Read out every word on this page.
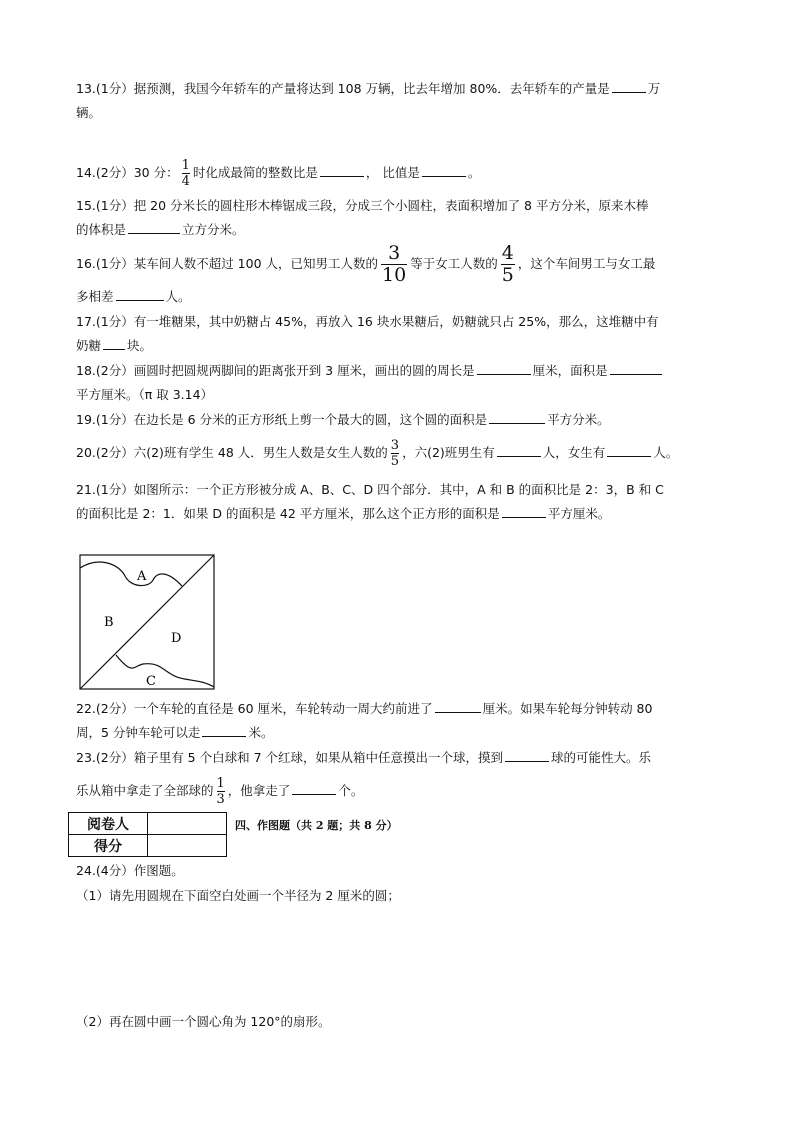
13.(1分）据预测，我国今年轿车的产量将达到 108 万辆，比去年增加 80%．去年轿车的产量是	万
辆。
14.(2分）30 分： $\frac{1}{4}$ 时化成最简的整数比是	， 比值是	。
15.(1分）把 20 分米长的圆柱形木棒锯成三段，分成三个小圆柱，表面积增加了 8 平方分米，原来木棒
的体积是	立方分米。
16.(1分）某车间人数不超过 100 人，已知男工人数的 $\frac{3}{10}$ 等于女工人数的 $\frac{4}{5}$ ，这个车间男工与女工最
多相差	人。
17.(1分）有一堆糖果，其中奶糖占 45%，再放入 16 块水果糖后，奶糖就只占 25%，那么，这堆糖中有
奶糖 块。
18.(2分）画圆时把圆规两脚间的距离张开到 3 厘米，画出的圆的周长是	厘米，面积是
平方厘米。（π 取 3.14）
19.(1分）在边长是 6 分米的正方形纸上剪一个最大的圆，这个圆的面积是	平方分米。
20.(2分）六(2)班有学生 48 人．男生人数是女生人数的 $\frac{3}{5}$ ，六(2)班男生有	人，女生有	人。
21.(1分）如图所示：一个正方形被分成 A、B、C、D 四个部分．其中，A 和 B 的面积比是 2：3，B 和 C
的面积比是 2：1．如果 D 的面积是 42 平方厘米，那么这个正方形的面积是	平方厘米。
A
B
D
C
22.(2分）一个车轮的直径是 60 厘米，车轮转动一周大约前进了	厘米。如果车轮每分钟转动 80
周，5 分钟车轮可以走	米。
23.(2分）箱子里有 5 个白球和 7 个红球，如果从箱中任意摸出一个球，摸到	球的可能性大。乐
乐从箱中拿走了全部球的 $\frac{1}{3}$ ，他拿走了	个。
阅卷人	
得分	
四、作图题（共 2 题；共 8 分）
24.(4分）作图题。
（1）请先用圆规在下面空白处画一个半径为 2 厘米的圆；
（2）再在圆中画一个圆心角为 120°的扇形。
